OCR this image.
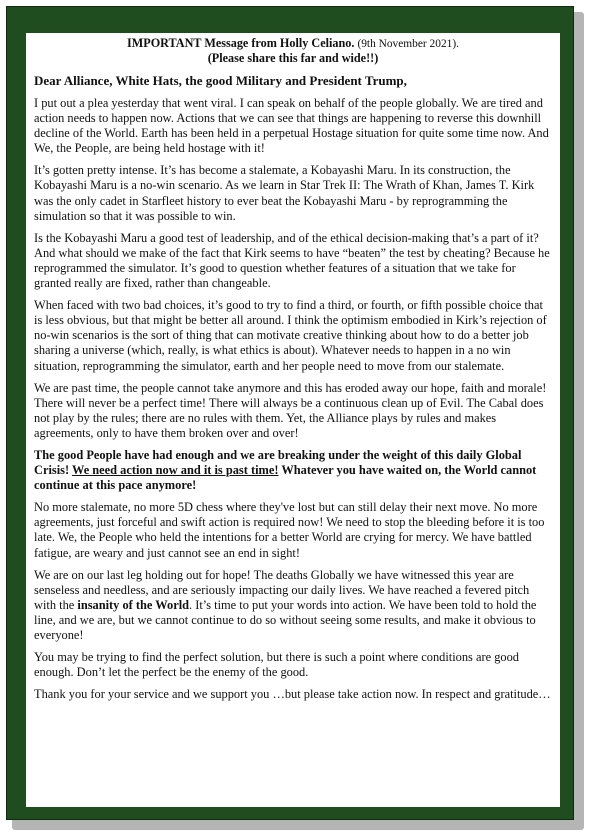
IMPORTANT Message from Holly Celiano. (9th November 2021).
(Please share this far and wide!!)
Dear Alliance, White Hats, the good Military and President Trump,

I put out a plea yesterday that went viral. I can speak on behalf of the people globally. We are tired and action needs to happen now. Actions that we can see that things are happening to reverse this downhill decline of the World. Earth has been held in a perpetual Hostage situation for quite some time now. And We, the People, are being held hostage with it!

It’s gotten pretty intense. It’s has become a stalemate, a Kobayashi Maru. In its construction, the Kobayashi Maru is a no-win scenario. As we learn in Star Trek II: The Wrath of Khan, James T. Kirk was the only cadet in Starfleet history to ever beat the Kobayashi Maru - by reprogramming the simulation so that it was possible to win.

Is the Kobayashi Maru a good test of leadership, and of the ethical decision-making that’s a part of it? And what should we make of the fact that Kirk seems to have “beaten” the test by cheating? Because he reprogrammed the simulator. It’s good to question whether features of a situation that we take for granted really are fixed, rather than changeable.

When faced with two bad choices, it’s good to try to find a third, or fourth, or fifth possible choice that is less obvious, but that might be better all around. I think the optimism embodied in Kirk’s rejection of no-win scenarios is the sort of thing that can motivate creative thinking about how to do a better job sharing a universe (which, really, is what ethics is about). Whatever needs to happen in a no win situation, reprogramming the simulator, earth and her people need to move from our stalemate.

We are past time, the people cannot take anymore and this has eroded away our hope, faith and morale! There will never be a perfect time! There will always be a continuous clean up of Evil. The Cabal does not play by the rules; there are no rules with them. Yet, the Alliance plays by rules and makes agreements, only to have them broken over and over!

The good People have had enough and we are breaking under the weight of this daily Global Crisis! We need action now and it is past time! Whatever you have waited on, the World cannot continue at this pace anymore!

No more stalemate, no more 5D chess where they've lost but can still delay their next move. No more agreements, just forceful and swift action is required now! We need to stop the bleeding before it is too late. We, the People who held the intentions for a better World are crying for mercy. We have battled fatigue, are weary and just cannot see an end in sight!

We are on our last leg holding out for hope! The deaths Globally we have witnessed this year are senseless and needless, and are seriously impacting our daily lives. We have reached a fevered pitch with the insanity of the World. It’s time to put your words into action. We have been told to hold the line, and we are, but we cannot continue to do so without seeing some results, and make it obvious to everyone!

You may be trying to find the perfect solution, but there is such a point where conditions are good enough. Don’t let the perfect be the enemy of the good.

Thank you for your service and we support you …but please take action now. In respect and gratitude…
